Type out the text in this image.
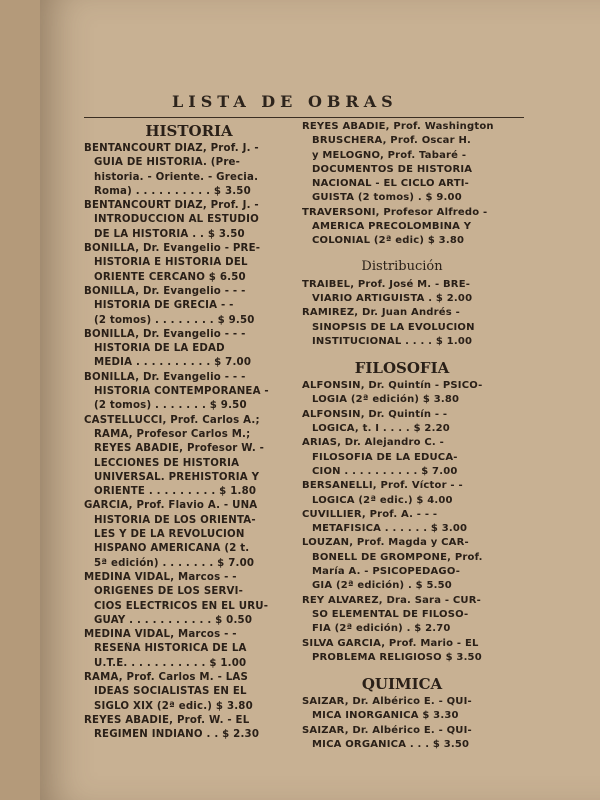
LISTA DE OBRAS
HISTORIA
BENTANCOURT DIAZ, Prof. J. -
GUIA DE HISTORIA. (Pre-
historia. - Oriente. - Grecia.
Roma) . . . . . . . . . . $ 3.50
BENTANCOURT DIAZ, Prof. J. -
INTRODUCCION AL ESTUDIO
DE LA HISTORIA . . $ 3.50
BONILLA, Dr. Evangelio - PRE-
HISTORIA E HISTORIA DEL
ORIENTE CERCANO $ 6.50
BONILLA, Dr. Evangelio - - -
HISTORIA DE GRECIA - -
(2 tomos) . . . . . . . . $ 9.50
BONILLA, Dr. Evangelio - - -
HISTORIA DE LA EDAD
MEDIA . . . . . . . . . . $ 7.00
BONILLA, Dr. Evangelio - - -
HISTORIA CONTEMPORANEA -
(2 tomos) . . . . . . . $ 9.50
CASTELLUCCI, Prof. Carlos A.;
RAMA, Profesor Carlos M.;
REYES ABADIE, Profesor W. -
LECCIONES DE HISTORIA
UNIVERSAL. PREHISTORIA Y
ORIENTE . . . . . . . . . $ 1.80
GARCIA, Prof. Flavio A. - UNA
HISTORIA DE LOS ORIENTA-
LES Y DE LA REVOLUCION
HISPANO AMERICANA (2 t.
5ª edición) . . . . . . . $ 7.00
MEDINA VIDAL, Marcos - -
ORIGENES DE LOS SERVI-
CIOS ELECTRICOS EN EL URU-
GUAY . . . . . . . . . . . $ 0.50
MEDINA VIDAL, Marcos - -
RESEÑA HISTORICA DE LA
U.T.E. . . . . . . . . . . $ 1.00
RAMA, Prof. Carlos M. - LAS
IDEAS SOCIALISTAS EN EL
SIGLO XIX (2ª edic.) $ 3.80
REYES ABADIE, Prof. W. - EL
REGIMEN INDIANO . . $ 2.30
REYES ABADIE, Prof. Washington
BRUSCHERA, Prof. Oscar H.
y MELOGNO, Prof. Tabaré -
DOCUMENTOS DE HISTORIA
NACIONAL - EL CICLO ARTI-
GUISTA (2 tomos) . $ 9.00
TRAVERSONI, Profesor Alfredo -
AMERICA PRECOLOMBINA Y
COLONIAL (2ª edic) $ 3.80
Distribución
TRAIBEL, Prof. José M. - BRE-
VIARIO ARTIGUISTA . $ 2.00
RAMIREZ, Dr. Juan Andrés -
SINOPSIS DE LA EVOLUCION
INSTITUCIONAL . . . . $ 1.00
FILOSOFIA
ALFONSIN, Dr. Quintín - PSICO-
LOGIA (2ª edición) $ 3.80
ALFONSIN, Dr. Quintín - -
LOGICA, t. I . . . . $ 2.20
ARIAS, Dr. Alejandro C. -
FILOSOFIA DE LA EDUCA-
CION . . . . . . . . . . $ 7.00
BERSANELLI, Prof. Víctor - -
LOGICA (2ª edic.) $ 4.00
CUVILLIER, Prof. A. - - -
METAFISICA . . . . . . $ 3.00
LOUZAN, Prof. Magda y CAR-
BONELL DE GROMPONE, Prof.
María A. - PSICOPEDAGO-
GIA (2ª edición) . $ 5.50
REY ALVAREZ, Dra. Sara - CUR-
SO ELEMENTAL DE FILOSO-
FIA (2ª edición) . $ 2.70
SILVA GARCIA, Prof. Mario - EL
PROBLEMA RELIGIOSO $ 3.50
QUIMICA
SAIZAR, Dr. Albérico E. - QUI-
MICA INORGANICA $ 3.30
SAIZAR, Dr. Albérico E. - QUI-
MICA ORGANICA . . . $ 3.50
